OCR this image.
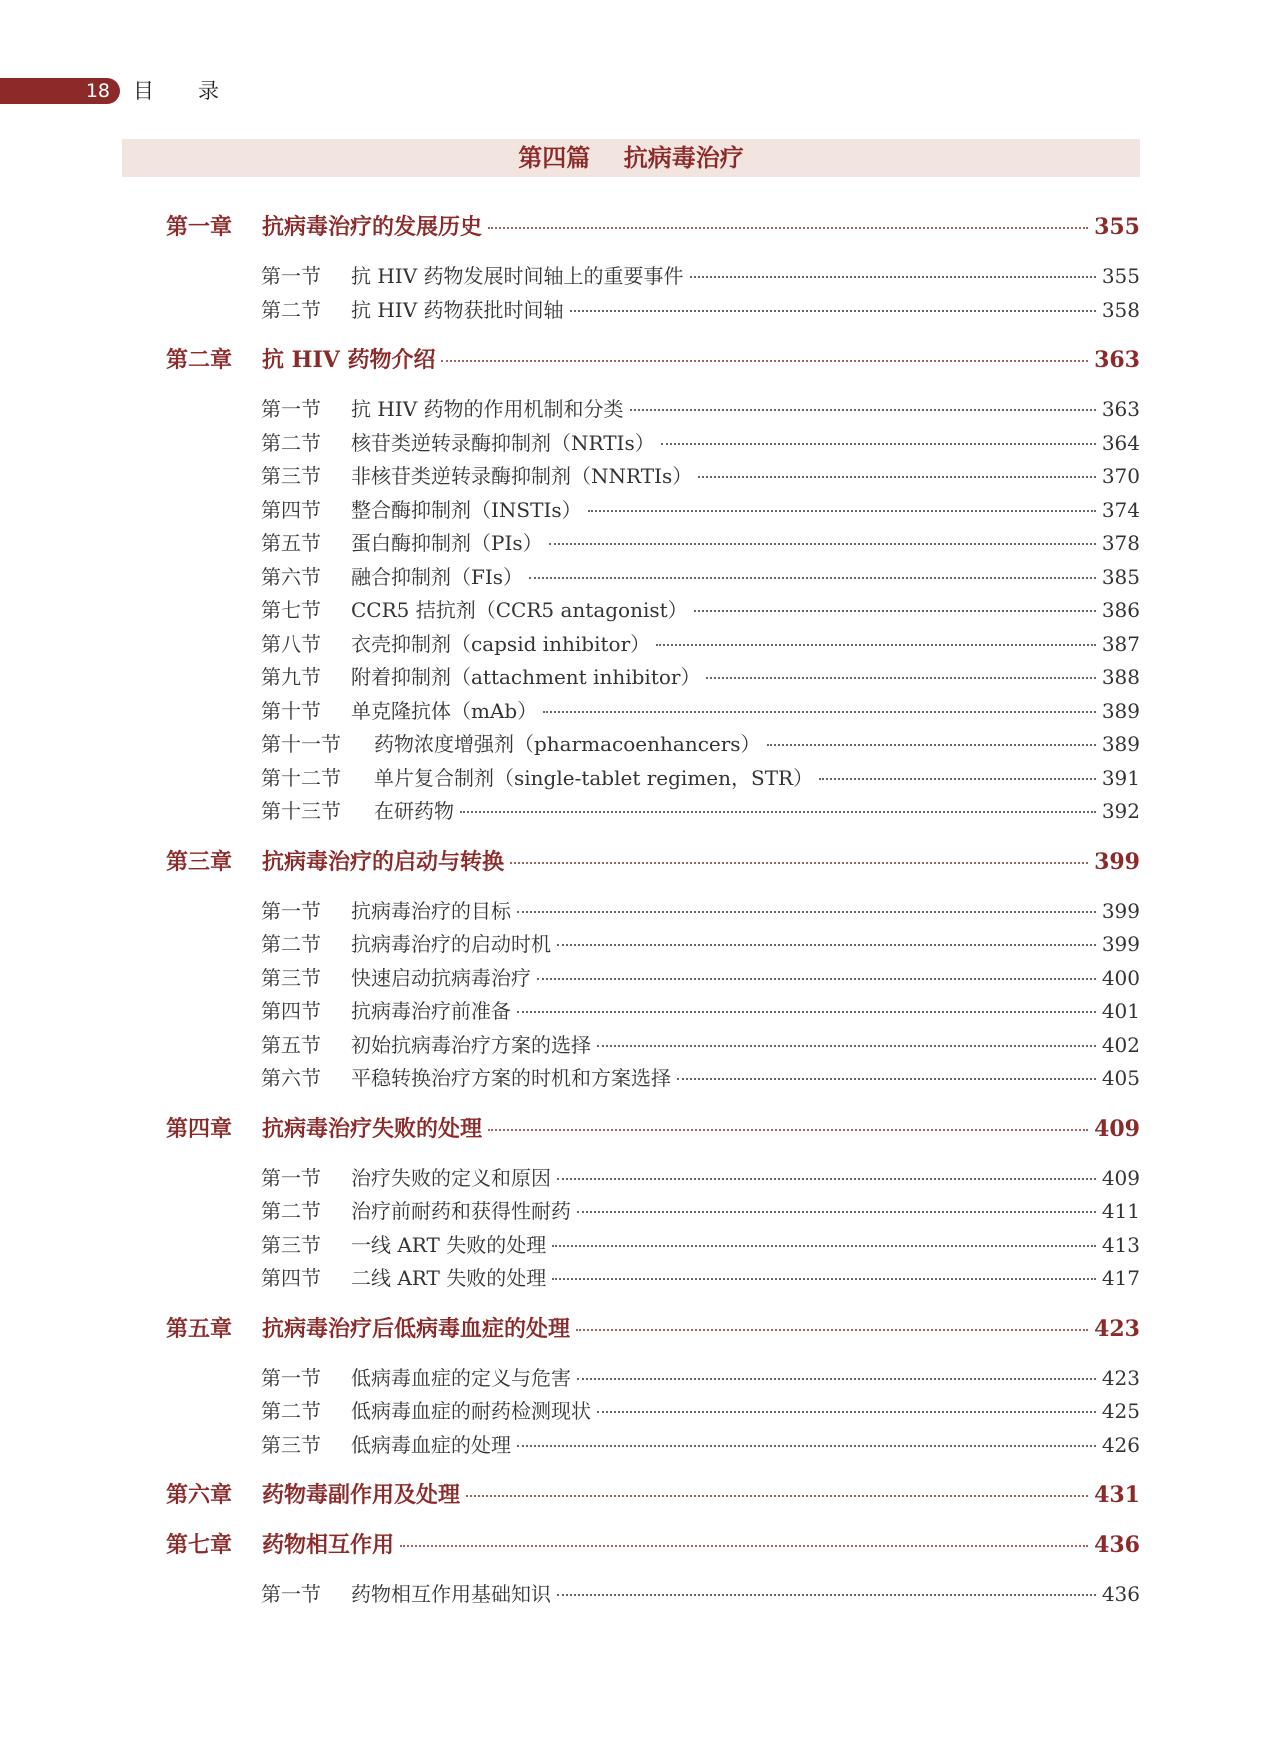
18	目录
第四篇    抗病毒治疗
第一章	抗病毒治疗的发展历史	355
第一节	抗 HIV 药物发展时间轴上的重要事件	355
第二节	抗 HIV 药物获批时间轴	358
第二章	抗 HIV 药物介绍	363
第一节	抗 HIV 药物的作用机制和分类	363
第二节	核苷类逆转录酶抑制剂（NRTIs）	364
第三节	非核苷类逆转录酶抑制剂（NNRTIs）	370
第四节	整合酶抑制剂（INSTIs）	374
第五节	蛋白酶抑制剂（PIs）	378
第六节	融合抑制剂（FIs）	385
第七节	CCR5 拮抗剂（CCR5 antagonist）	386
第八节	衣壳抑制剂（capsid inhibitor）	387
第九节	附着抑制剂（attachment inhibitor）	388
第十节	单克隆抗体（mAb）	389
第十一节	药物浓度增强剂（pharmacoenhancers）	389
第十二节	单片复合制剂（single-tablet regimen，STR）	391
第十三节	在研药物	392
第三章	抗病毒治疗的启动与转换	399
第一节	抗病毒治疗的目标	399
第二节	抗病毒治疗的启动时机	399
第三节	快速启动抗病毒治疗	400
第四节	抗病毒治疗前准备	401
第五节	初始抗病毒治疗方案的选择	402
第六节	平稳转换治疗方案的时机和方案选择	405
第四章	抗病毒治疗失败的处理	409
第一节	治疗失败的定义和原因	409
第二节	治疗前耐药和获得性耐药	411
第三节	一线 ART 失败的处理	413
第四节	二线 ART 失败的处理	417
第五章	抗病毒治疗后低病毒血症的处理	423
第一节	低病毒血症的定义与危害	423
第二节	低病毒血症的耐药检测现状	425
第三节	低病毒血症的处理	426
第六章	药物毒副作用及处理	431
第七章	药物相互作用	436
第一节	药物相互作用基础知识	436
